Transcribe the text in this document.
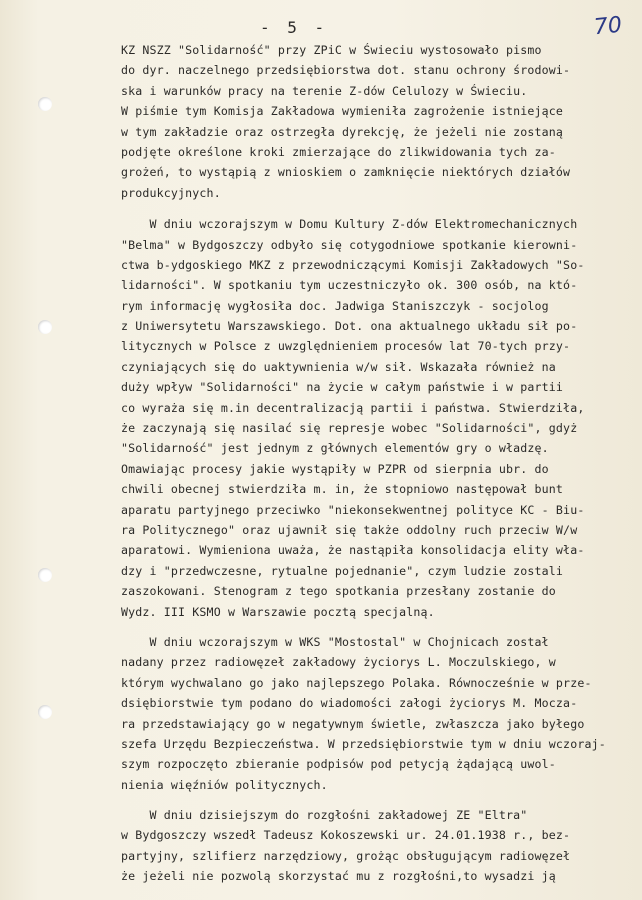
- 5 -	70
KZ NSZZ "Solidarność" przy ZPiC w Świeciu wystosowało pismo
do dyr. naczelnego przedsiębiorstwa dot. stanu ochrony środowi-
ska i warunków pracy na terenie Z-dów Celulozy w Świeciu.
W piśmie tym Komisja Zakładowa wymieniła zagrożenie istniejące
w tym zakładzie oraz ostrzegła dyrekcję, że jeżeli nie zostaną
podjęte określone kroki zmierzające do zlikwidowania tych za-
grożeń, to wystąpią z wnioskiem o zamknięcie niektórych działów
produkcyjnych.
W dniu wczorajszym w Domu Kultury Z-dów Elektromechanicznych
"Belma" w Bydgoszczy odbyło się cotygodniowe spotkanie kierowni-
ctwa b-ydgoskiego MKZ z przewodniczącymi Komisji Zakładowych "So-
lidarności". W spotkaniu tym uczestniczyło ok. 300 osób, na któ-
rym informację wygłosiła doc. Jadwiga Staniszczyk - socjolog
z Uniwersytetu Warszawskiego. Dot. ona aktualnego układu sił po-
litycznych w Polsce z uwzględnieniem procesów lat 70-tych przy-
czyniających się do uaktywnienia w/w sił. Wskazała również na
duży wpływ "Solidarności" na życie w całym państwie i w partii
co wyraża się m.in decentralizacją partii i państwa. Stwierdziła,
że zaczynają się nasilać się represje wobec "Solidarności", gdyż
"Solidarność" jest jednym z głównych elementów gry o władzę.
Omawiając procesy jakie wystąpiły w PZPR od sierpnia ubr. do
chwili obecnej stwierdziła m. in, że stopniowo następował bunt
aparatu partyjnego przeciwko "niekonsekwentnej polityce KC - Biu-
ra Politycznego" oraz ujawnił się także oddolny ruch przeciw W/w
aparatowi. Wymieniona uważa, że nastąpiła konsolidacja elity wła-
dzy i "przedwczesne, rytualne pojednanie", czym ludzie zostali
zaszokowani. Stenogram z tego spotkania przesłany zostanie do
Wydz. III KSMO w Warszawie pocztą specjalną.
W dniu wczorajszym w WKS "Mostostal" w Chojnicach został
nadany przez radiowęzeł zakładowy życiorys L. Moczulskiego, w
którym wychwalano go jako najlepszego Polaka. Równocześnie w prze-
dsiębiorstwie tym podano do wiadomości załogi życiorys M. Mocza-
ra przedstawiający go w negatywnym świetle, zwłaszcza jako byłego
szefa Urzędu Bezpieczeństwa. W przedsiębiorstwie tym w dniu wczoraj-
szym rozpoczęto zbieranie podpisów pod petycją żądającą uwol-
nienia więźniów politycznych.
W dniu dzisiejszym do rozgłośni zakładowej ZE "Eltra"
w Bydgoszczy wszedł Tadeusz Kokoszewski ur. 24.01.1938 r., bez-
partyjny, szlifierz narzędziowy, grożąc obsługującym radiowęzeł
że jeżeli nie pozwolą skorzystać mu z rozgłośni,to wysadzi ją
